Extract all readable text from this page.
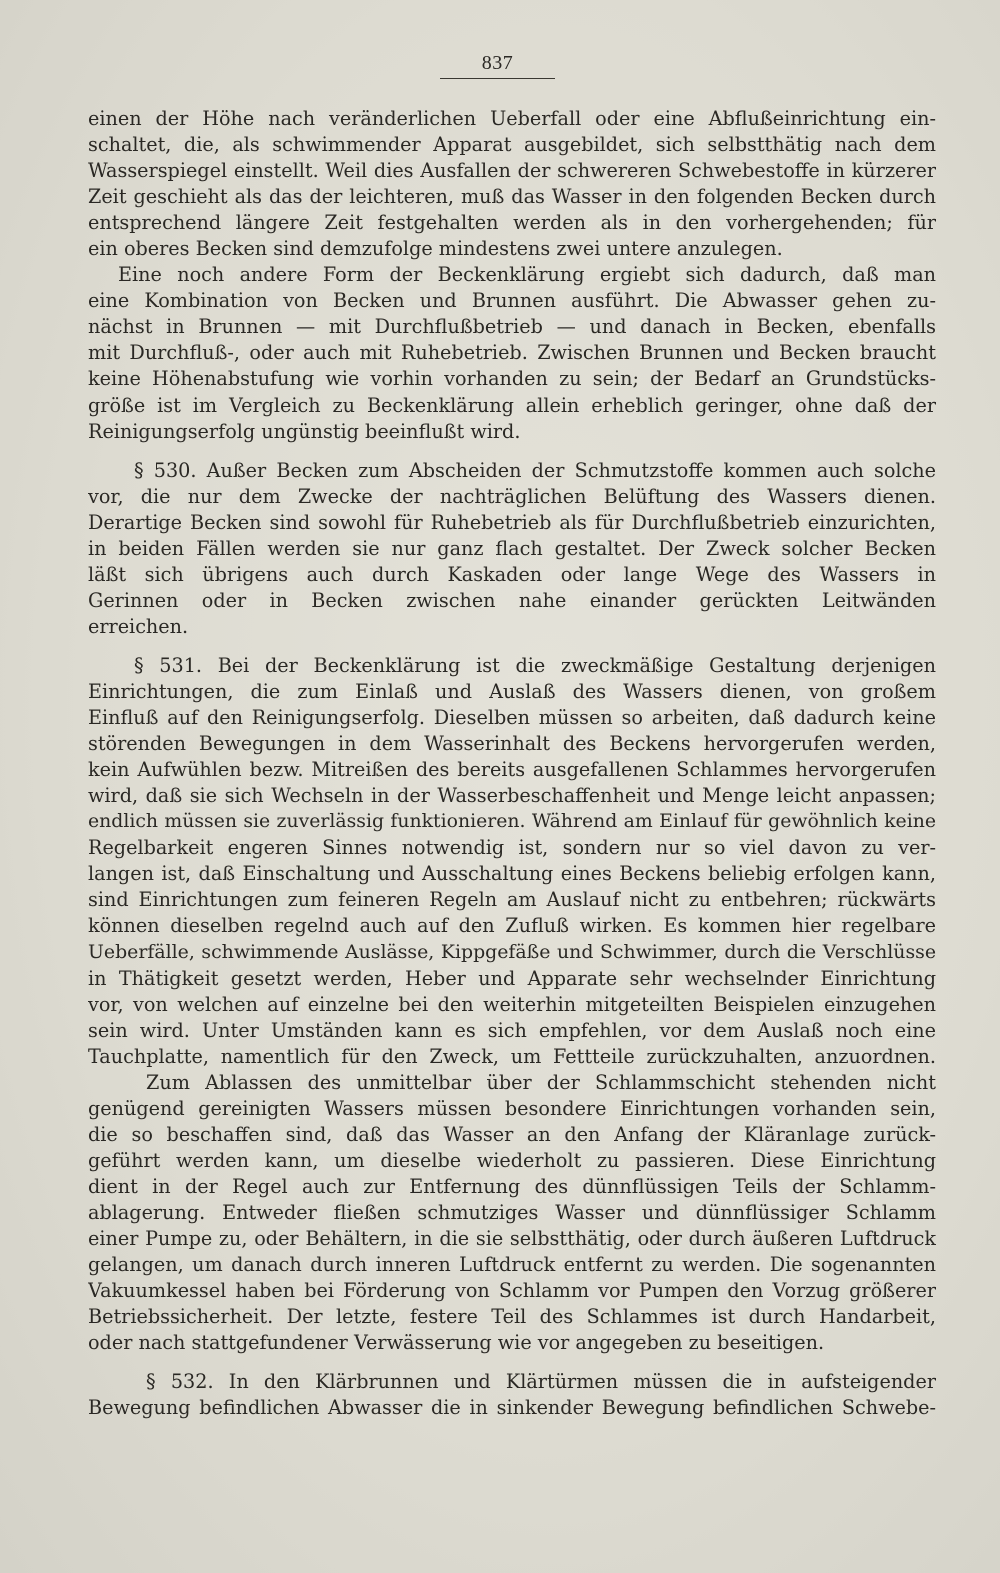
837
einen der Höhe nach veränderlichen Ueberfall oder eine Abflußeinrichtung ein-
schaltet, die, als schwimmender Apparat ausgebildet, sich selbstthätig nach dem
Wasserspiegel einstellt. Weil dies Ausfallen der schwereren Schwebestoffe in kürzerer
Zeit geschieht als das der leichteren, muß das Wasser in den folgenden Becken durch
entsprechend längere Zeit festgehalten werden als in den vorhergehenden; für
ein oberes Becken sind demzufolge mindestens zwei untere anzulegen.
Eine noch andere Form der Beckenklärung ergiebt sich dadurch, daß man
eine Kombination von Becken und Brunnen ausführt. Die Abwasser gehen zu-
nächst in Brunnen — mit Durchflußbetrieb — und danach in Becken, ebenfalls
mit Durchfluß-, oder auch mit Ruhebetrieb. Zwischen Brunnen und Becken braucht
keine Höhenabstufung wie vorhin vorhanden zu sein; der Bedarf an Grundstücks-
größe ist im Vergleich zu Beckenklärung allein erheblich geringer, ohne daß der
Reinigungserfolg ungünstig beeinflußt wird.
§ 530. Außer Becken zum Abscheiden der Schmutzstoffe kommen auch solche
vor, die nur dem Zwecke der nachträglichen Belüftung des Wassers dienen.
Derartige Becken sind sowohl für Ruhebetrieb als für Durchflußbetrieb einzurichten,
in beiden Fällen werden sie nur ganz flach gestaltet. Der Zweck solcher Becken
läßt sich übrigens auch durch Kaskaden oder lange Wege des Wassers in
Gerinnen oder in Becken zwischen nahe einander gerückten Leitwänden
erreichen.
§ 531. Bei der Beckenklärung ist die zweckmäßige Gestaltung derjenigen
Einrichtungen, die zum Einlaß und Auslaß des Wassers dienen, von großem
Einfluß auf den Reinigungserfolg. Dieselben müssen so arbeiten, daß dadurch keine
störenden Bewegungen in dem Wasserinhalt des Beckens hervorgerufen werden,
kein Aufwühlen bezw. Mitreißen des bereits ausgefallenen Schlammes hervorgerufen
wird, daß sie sich Wechseln in der Wasserbeschaffenheit und Menge leicht anpassen;
endlich müssen sie zuverlässig funktionieren. Während am Einlauf für gewöhnlich keine
Regelbarkeit engeren Sinnes notwendig ist, sondern nur so viel davon zu ver-
langen ist, daß Einschaltung und Ausschaltung eines Beckens beliebig erfolgen kann,
sind Einrichtungen zum feineren Regeln am Auslauf nicht zu entbehren; rückwärts
können dieselben regelnd auch auf den Zufluß wirken. Es kommen hier regelbare
Ueberfälle, schwimmende Auslässe, Kippgefäße und Schwimmer, durch die Verschlüsse
in Thätigkeit gesetzt werden, Heber und Apparate sehr wechselnder Einrichtung
vor, von welchen auf einzelne bei den weiterhin mitgeteilten Beispielen einzugehen
sein wird. Unter Umständen kann es sich empfehlen, vor dem Auslaß noch eine
Tauchplatte, namentlich für den Zweck, um Fettteile zurückzuhalten, anzuordnen.
Zum Ablassen des unmittelbar über der Schlammschicht stehenden nicht
genügend gereinigten Wassers müssen besondere Einrichtungen vorhanden sein,
die so beschaffen sind, daß das Wasser an den Anfang der Kläranlage zurück-
geführt werden kann, um dieselbe wiederholt zu passieren. Diese Einrichtung
dient in der Regel auch zur Entfernung des dünnflüssigen Teils der Schlamm-
ablagerung. Entweder fließen schmutziges Wasser und dünnflüssiger Schlamm
einer Pumpe zu, oder Behältern, in die sie selbstthätig, oder durch äußeren Luftdruck
gelangen, um danach durch inneren Luftdruck entfernt zu werden. Die sogenannten
Vakuumkessel haben bei Förderung von Schlamm vor Pumpen den Vorzug größerer
Betriebssicherheit. Der letzte, festere Teil des Schlammes ist durch Handarbeit,
oder nach stattgefundener Verwässerung wie vor angegeben zu beseitigen.
§ 532. In den Klärbrunnen und Klärtürmen müssen die in aufsteigender
Bewegung befindlichen Abwasser die in sinkender Bewegung befindlichen Schwebe-
